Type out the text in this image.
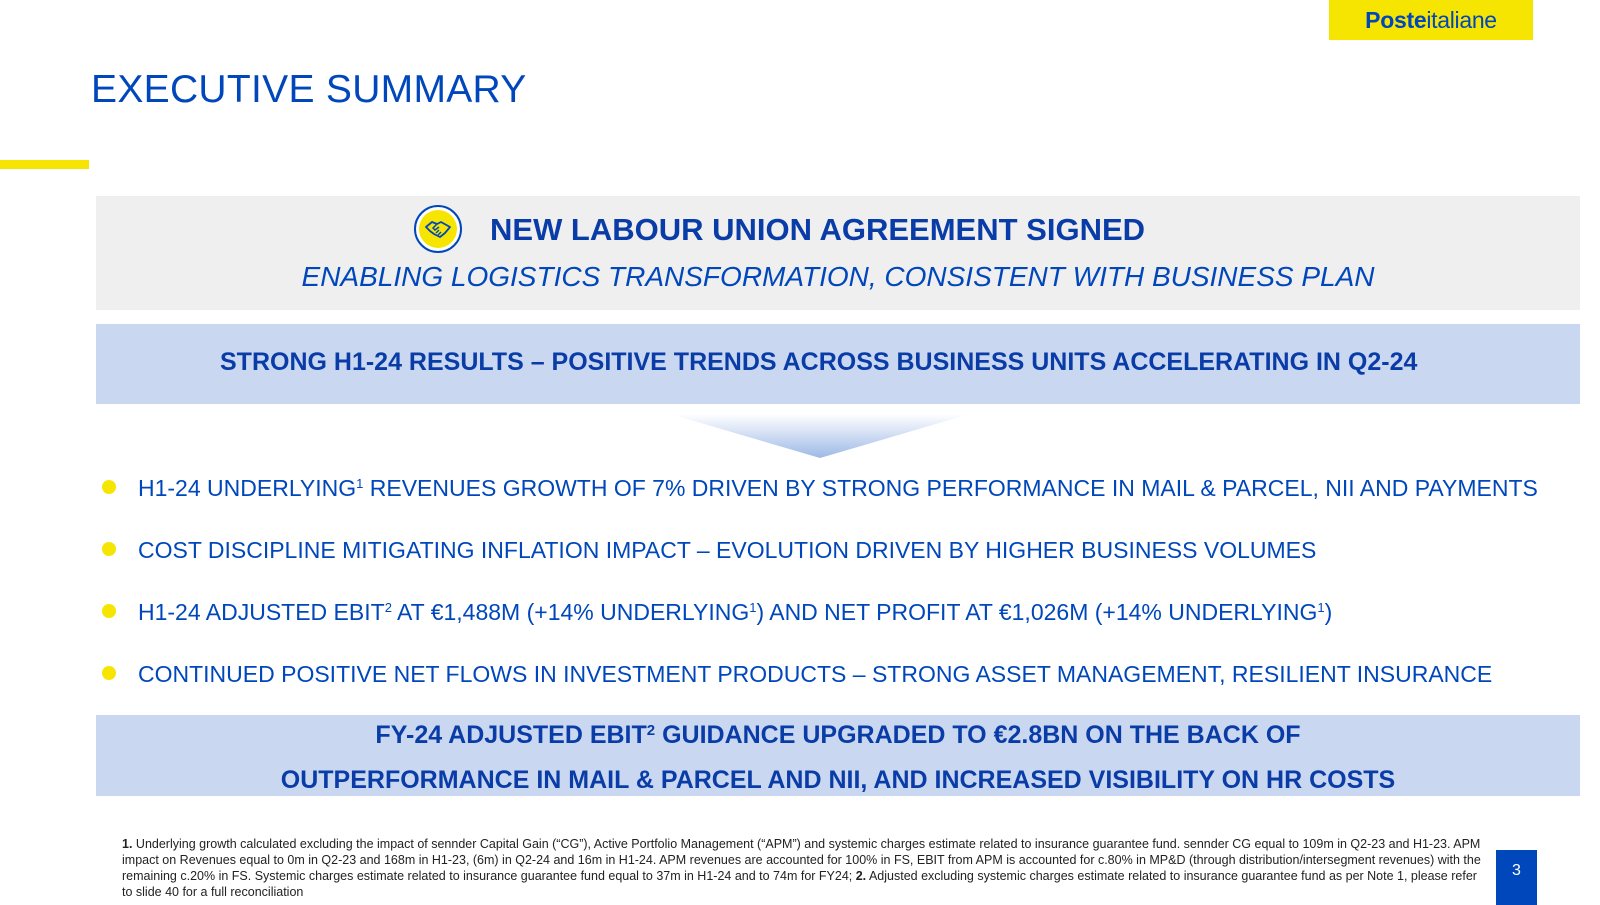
Poste italiane
EXECUTIVE SUMMARY
NEW LABOUR UNION AGREEMENT SIGNED
ENABLING LOGISTICS TRANSFORMATION, CONSISTENT WITH BUSINESS PLAN
STRONG H1-24 RESULTS – POSITIVE TRENDS ACROSS BUSINESS UNITS ACCELERATING IN Q2-24
H1-24 UNDERLYING$^1$ REVENUES GROWTH OF 7% DRIVEN BY STRONG PERFORMANCE IN MAIL & PARCEL, NII AND PAYMENTS
COST DISCIPLINE MITIGATING INFLATION IMPACT – EVOLUTION DRIVEN BY HIGHER BUSINESS VOLUMES
H1-24 ADJUSTED EBIT$^2$ AT €1,488M (+14% UNDERLYING$^1$) AND NET PROFIT AT €1,026M (+14% UNDERLYING$^1$)
CONTINUED POSITIVE NET FLOWS IN INVESTMENT PRODUCTS – STRONG ASSET MANAGEMENT, RESILIENT INSURANCE
FY-24 ADJUSTED EBIT$^2$ GUIDANCE UPGRADED TO €2.8BN ON THE BACK OF
OUTPERFORMANCE IN MAIL & PARCEL AND NII, AND INCREASED VISIBILITY ON HR COSTS
1. Underlying growth calculated excluding the impact of sennder Capital Gain (“CG”), Active Portfolio Management (“APM”) and systemic charges estimate related to insurance guarantee fund. sennder CG equal to 109m in Q2-23 and H1-23. APM impact on Revenues equal to 0m in Q2-23 and 168m in H1-23, (6m) in Q2-24 and 16m in H1-24. APM revenues are accounted for 100% in FS, EBIT from APM is accounted for c.80% in MP&D (through distribution/intersegment revenues) with the remaining c.20% in FS. Systemic charges estimate related to insurance guarantee fund equal to 37m in H1-24 and to 74m for FY24; 2. Adjusted excluding systemic charges estimate related to insurance guarantee fund as per Note 1, please refer to slide 40 for a full reconciliation
3
